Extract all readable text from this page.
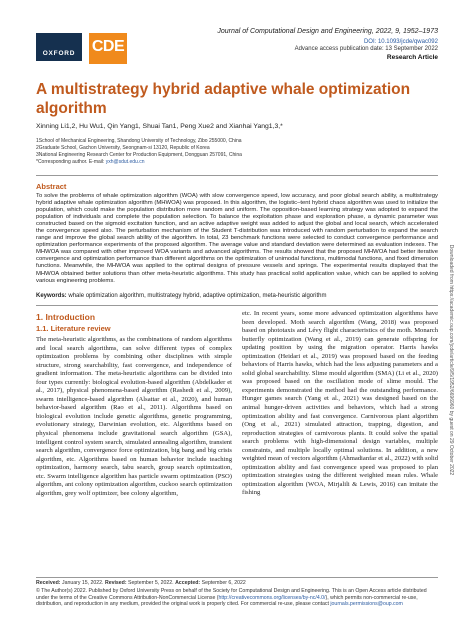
OXFORD CDE
Journal of Computational Design and Engineering, 2022, 9, 1952–1973
DOI: 10.1093/jcde/qwac092
Advance access publication date: 13 September 2022
Research Article
A multistrategy hybrid adaptive whale optimization algorithm
Xinning Li1,2, Hu Wu1, Qin Yang1, Shuai Tan1, Peng Xue2 and Xianhai Yang1,3,*
1School of Mechanical Engineering, Shandong University of Technology, Zibo 255000, China
2Graduate School, Gachon University, Seongnam-si 13120, Republic of Korea
3National Engineering Research Center for Production Equipment, Dongguan 257091, China
*Corresponding author. E-mail: yxh@sdut.edu.cn
Abstract
To solve the problems of whale optimization algorithm (WOA) with slow convergence speed, low accuracy, and poor global search ability, a multistrategy hybrid adaptive whale optimization algorithm (MHWOA) was proposed. In this algorithm, the logistic–tent hybrid chaos algorithm was used to initialize the population, which could make the population distribution more random and uniform. The opposition-based learning strategy was adopted to expand the population of individuals and complete the population selection. To balance the exploitation phase and exploration phase, a dynamic parameter was constructed based on the sigmoid excitation function, and an active adaptive weight was added to adjust the global and local search, which accelerated the convergence speed also. The perturbation mechanism of the Student T-distribution was introduced with random perturbation to expand the search range and improve the global search ability of the algorithm. In total, 23 benchmark functions were selected to conduct convergence performance and optimization performance experiments of the proposed algorithm. The average value and standard deviation were determined as evaluation indexes. The MHWOA was compared with other improved WOA variants and advanced algorithms. The results showed that the proposed MHWOA had better iterative convergence and optimization performance than different algorithms on the optimization of unimodal functions, multimodal functions, and fixed dimension functions. Meanwhile, the MHWOA was applied to the optimal designs of pressure vessels and springs. The experimental results displayed that the MHWOA obtained better solutions than other meta-heuristic algorithms. This study has practical solid application value, which can be applied to solving various engineering problems.
Keywords: whale optimization algorithm, multistrategy hybrid, adaptive optimization, meta-heuristic algorithm
1. Introduction
1.1. Literature review
The meta-heuristic algorithms, as the combinations of random algorithms and local search algorithms, can solve different types of complex optimization problems by combining other disciplines with simple structure, strong searchability, fast convergence, and independence of gradient information. The meta-heuristic algorithms can be divided into four types currently: biological evolution-based algorithm (Abdelkader et al., 2017), physical phenomena-based algorithm (Rashedi et al., 2009), swarm intelligence-based algorithm (Alsattar et al., 2020), and human behavior-based algorithm (Rao et al., 2011). Algorithms based on biological evolution include genetic algorithms, genetic programming, evolutionary strategy, Darwinian evolution, etc. Algorithms based on physical phenomena include gravitational search algorithm (GSA), intelligent control system search, simulated annealing algorithm, transient search algorithm, convergence force optimization, big bang and big crisis algorithm, etc. Algorithms based on human behavior include teaching optimization, harmony search, tabu search, group search optimization, etc. Swarm intelligence algorithm has particle swarm optimization (PSO) algorithm, ant colony optimization algorithm, cuckoo search optimization algorithm, grey wolf optimizer, bee colony algorithm,
etc. In recent years, some more advanced optimization algorithms have been developed. Moth search algorithm (Wang, 2018) was proposed based on phototaxis and Lévy flight characteristics of the moth. Monarch butterfly optimization (Wang et al., 2019) can generate offspring for updating position by using the migration operator. Harris hawks optimization (Heidari et al., 2019) was proposed based on the feeding behaviors of Harris hawks, which had the less adjusting parameters and a solid global searchability. Slime mould algorithm (SMA) (Li et al., 2020) was proposed based on the oscillation mode of slime mould. The experiments demonstrated the method had the outstanding performance. Hunger games search (Yang et al., 2021) was designed based on the animal hunger-driven activities and behaviors, which had a strong optimization ability and fast convergence. Carnivorous plant algorithm (Ong et al., 2021) simulated attraction, trapping, digestion, and reproduction strategies of carnivorous plants. It could solve the spatial search problems with high-dimensional design variables, multiple constraints, and multiple locally optimal solutions. In addition, a new weighted mean of vectors algorithm (Ahmadianfar et al., 2022) with solid optimization ability and fast convergence speed was proposed to plan optimization strategies using the different weighted mean rules. Whale optimization algorithm (WOA, Mirjalili & Lewis, 2016) can imitate the fishing
Received: January 15, 2022. Revised: September 5, 2022. Accepted: September 6, 2022
© The Author(s) 2022. Published by Oxford University Press on behalf of the Society for Computational Design and Engineering. This is an Open Access article distributed under the terms of the Creative Commons Attribution-NonCommercial License (http://creativecommons.org/licenses/by-nc/4.0/), which permits non-commercial re-use, distribution, and reproduction in any medium, provided the original work is properly cited. For commercial re-use, please contact journals.permissions@oup.com
Downloaded from https://academic.oup.com/jcde/article/9/5/1952/6696960 by guest on 29 October 2022
